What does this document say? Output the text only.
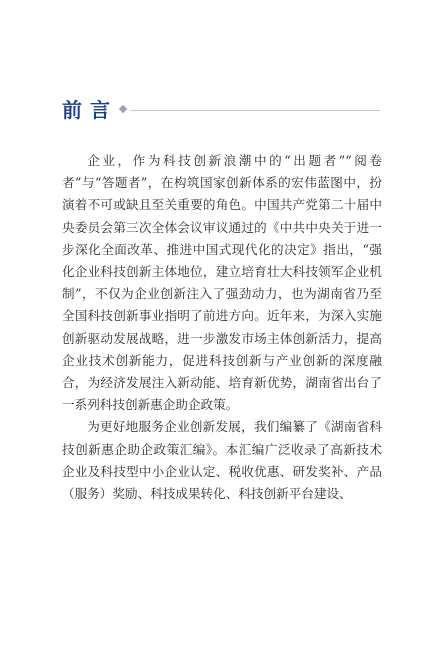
前言

企业，作为科技创新浪潮中的“出题者”“阅卷者”与“答题者”，在构筑国家创新体系的宏伟蓝图中，扮演着不可或缺且至关重要的角色。中国共产党第二十届中央委员会第三次全体会议审议通过的《中共中央关于进一步深化全面改革、推进中国式现代化的决定》指出，“强化企业科技创新主体地位，建立培育壮大科技领军企业机制”，不仅为企业创新注入了强劲动力，也为湖南省乃至全国科技创新事业指明了前进方向。近年来，为深入实施创新驱动发展战略，进一步激发市场主体创新活力，提高企业技术创新能力，促进科技创新与产业创新的深度融合，为经济发展注入新动能、培育新优势，湖南省出台了一系列科技创新惠企助企政策。

为更好地服务企业创新发展，我们编纂了《湖南省科技创新惠企助企政策汇编》。本汇编广泛收录了高新技术企业及科技型中小企业认定、税收优惠、研发奖补、产品（服务）奖励、科技成果转化、科技创新平台建设、
